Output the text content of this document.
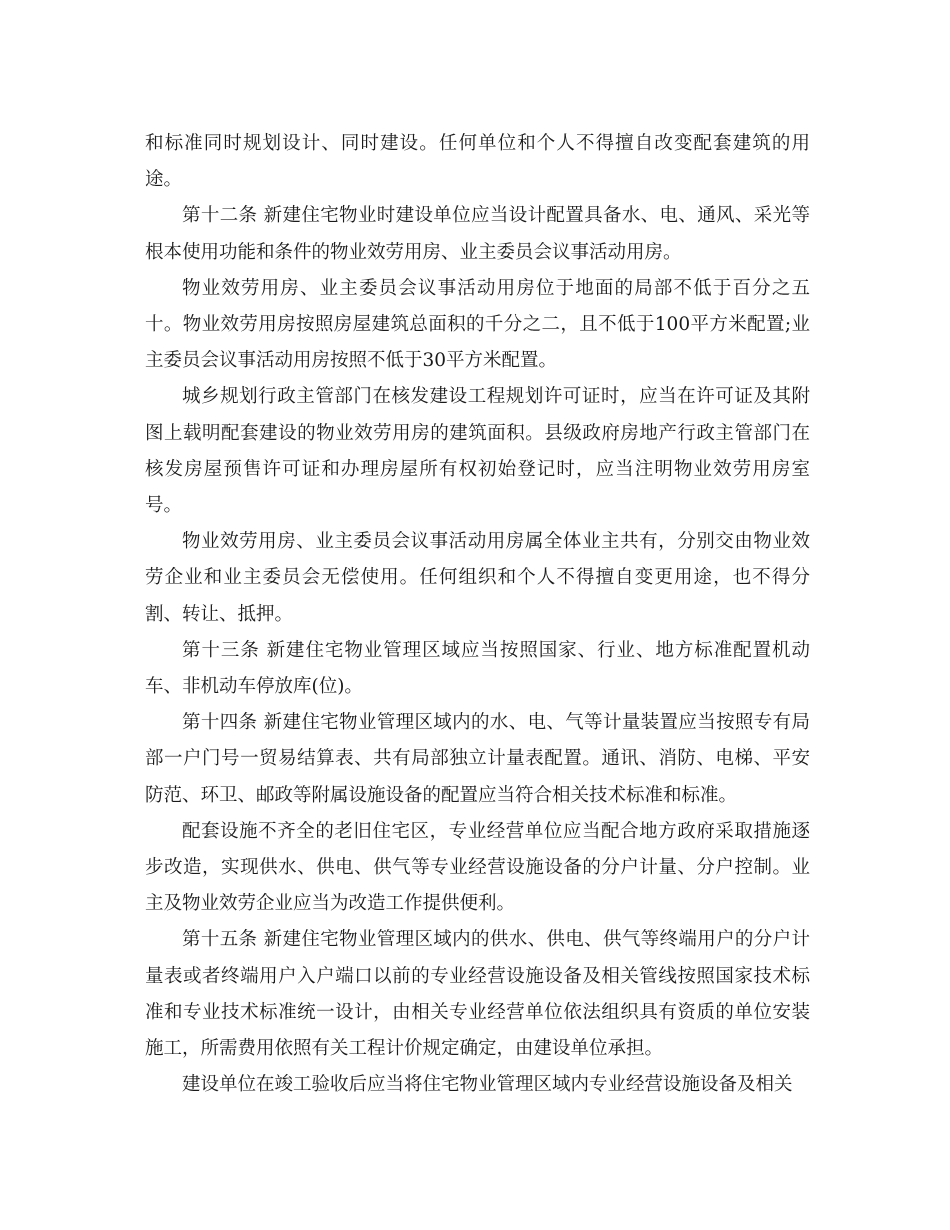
和标准同时规划设计、同时建设。任何单位和个人不得擅自改变配套建筑的用途。

第十二条 新建住宅物业时建设单位应当设计配置具备水、电、通风、采光等根本使用功能和条件的物业效劳用房、业主委员会议事活动用房。

物业效劳用房、业主委员会议事活动用房位于地面的局部不低于百分之五十。物业效劳用房按照房屋建筑总面积的千分之二，且不低于100平方米配置;业主委员会议事活动用房按照不低于30平方米配置。

城乡规划行政主管部门在核发建设工程规划许可证时，应当在许可证及其附图上载明配套建设的物业效劳用房的建筑面积。县级政府房地产行政主管部门在核发房屋预售许可证和办理房屋所有权初始登记时，应当注明物业效劳用房室号。

物业效劳用房、业主委员会议事活动用房属全体业主共有，分别交由物业效劳企业和业主委员会无偿使用。任何组织和个人不得擅自变更用途，也不得分割、转让、抵押。

第十三条 新建住宅物业管理区域应当按照国家、行业、地方标准配置机动车、非机动车停放库(位)。

第十四条 新建住宅物业管理区域内的水、电、气等计量装置应当按照专有局部一户门号一贸易结算表、共有局部独立计量表配置。通讯、消防、电梯、平安防范、环卫、邮政等附属设施设备的配置应当符合相关技术标准和标准。

配套设施不齐全的老旧住宅区，专业经营单位应当配合地方政府采取措施逐步改造，实现供水、供电、供气等专业经营设施设备的分户计量、分户控制。业主及物业效劳企业应当为改造工作提供便利。

第十五条 新建住宅物业管理区域内的供水、供电、供气等终端用户的分户计量表或者终端用户入户端口以前的专业经营设施设备及相关管线按照国家技术标准和专业技术标准统一设计，由相关专业经营单位依法组织具有资质的单位安装施工，所需费用依照有关工程计价规定确定，由建设单位承担。

建设单位在竣工验收后应当将住宅物业管理区域内专业经营设施设备及相关
